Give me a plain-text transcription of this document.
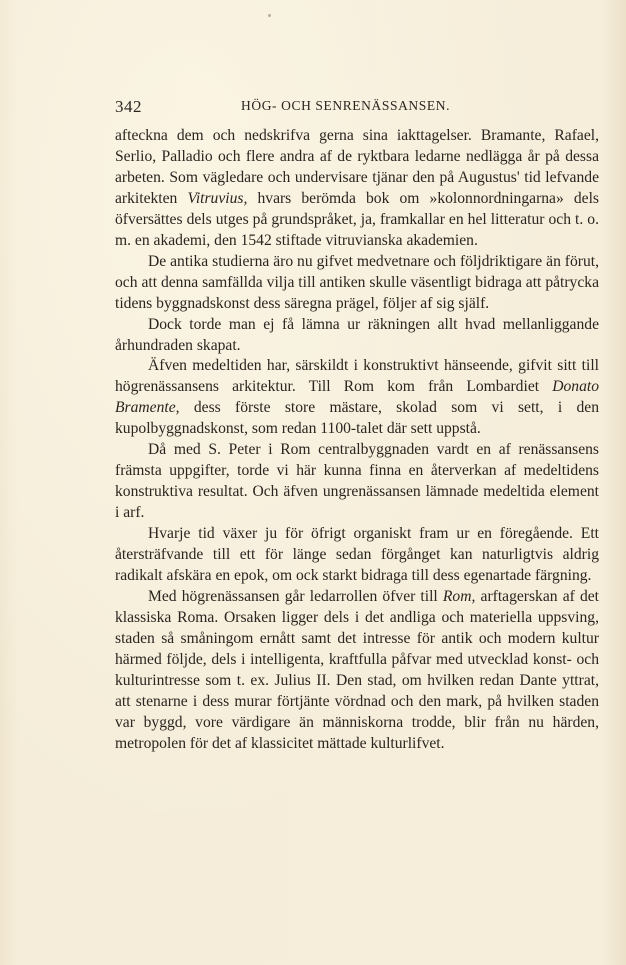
342	HÖG- OCH SENRENÄSSANSEN.

afteckna dem och nedskrifva gerna sina iakttagelser. Bramante, Rafael, Serlio, Palladio och flere andra af de ryktbara ledarne nedlägga år på dessa arbeten. Som vägledare och undervisare tjänar den på Augustus' tid lefvande arkitekten Vitruvius, hvars berömda bok om »kolonnordningarna» dels öfversättes dels utges på grundspråket, ja, framkallar en hel litteratur och t. o. m. en akademi, den 1542 stiftade vitruvianska akademien.

De antika studierna äro nu gifvet medvetnare och följdriktigare än förut, och att denna samfällda vilja till antiken skulle väsentligt bidraga att påtrycka tidens byggnadskonst dess säregna prägel, följer af sig själf.

Dock torde man ej få lämna ur räkningen allt hvad mellanliggande århundraden skapat.

Äfven medeltiden har, särskildt i konstruktivt hänseende, gifvit sitt till högrenässansens arkitektur. Till Rom kom från Lombardiet Donato Bramente, dess förste store mästare, skolad som vi sett, i den kupolbyggnadskonst, som redan 1100-talet där sett uppstå.

Då med S. Peter i Rom centralbyggnaden vardt en af renässansens främsta uppgifter, torde vi här kunna finna en återverkan af medeltidens konstruktiva resultat. Och äfven ungrenässansen lämnade medeltida element i arf.

Hvarje tid växer ju för öfrigt organiskt fram ur en föregående. Ett återsträfvande till ett för länge sedan förgånget kan naturligtvis aldrig radikalt afskära en epok, om ock starkt bidraga till dess egenartade färgning.

Med högrenässansen går ledarrollen öfver till Rom, arftagerskan af det klassiska Roma. Orsaken ligger dels i det andliga och materiella uppsving, staden så småningom ernått samt det intresse för antik och modern kultur härmed följde, dels i intelligenta, kraftfulla påfvar med utvecklad konst- och kulturintresse som t. ex. Julius II. Den stad, om hvilken redan Dante yttrat, att stenarne i dess murar förtjänte vördnad och den mark, på hvilken staden var byggd, vore värdigare än människorna trodde, blir från nu härden, metropolen för det af klassicitet mättade kulturlifvet.
